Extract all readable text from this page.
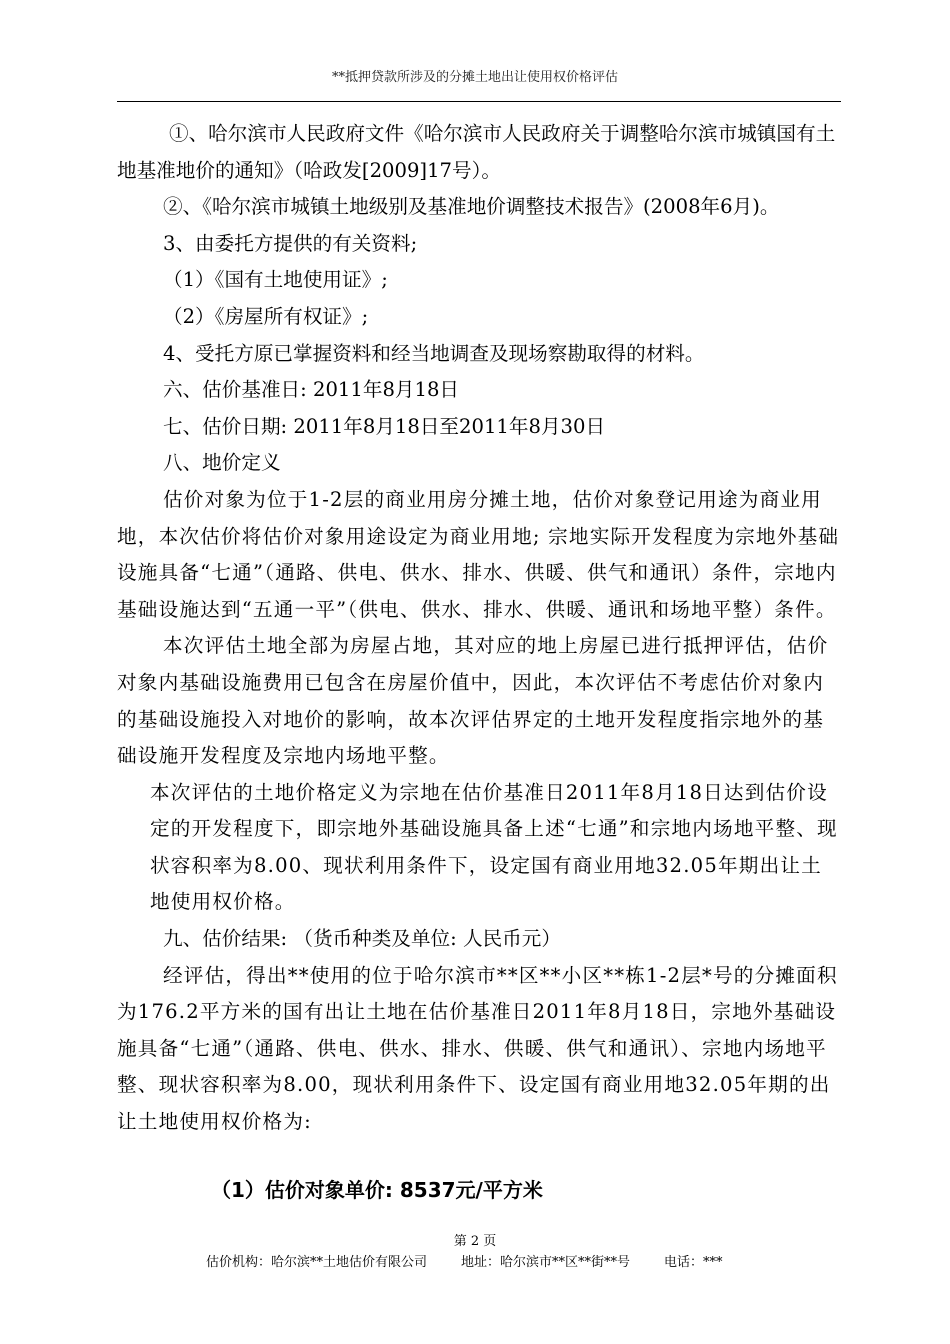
**抵押贷款所涉及的分摊土地出让使用权价格评估

①、哈尔滨市人民政府文件《哈尔滨市人民政府关于调整哈尔滨市城镇国有土地基准地价的通知》（哈政发[2009]17号）。

②、《哈尔滨市城镇土地级别及基准地价调整技术报告》(2008年6月)。

3、由委托方提供的有关资料;

（1）《国有土地使用证》;

（2）《房屋所有权证》;

4、受托方原已掌握资料和经当地调查及现场察勘取得的材料。

六、估价基准日: 2011年8月18日

七、估价日期: 2011年8月18日至2011年8月30日

八、地价定义

估价对象为位于1-2层的商业用房分摊土地，估价对象登记用途为商业用地，本次估价将估价对象用途设定为商业用地; 宗地实际开发程度为宗地外基础设施具备“七通”（通路、供电、供水、排水、供暖、供气和通讯）条件，宗地内基础设施达到“五通一平”（供电、供水、排水、供暖、通讯和场地平整）条件。

本次评估土地全部为房屋占地，其对应的地上房屋已进行抵押评估，估价对象内基础设施费用已包含在房屋价值中，因此，本次评估不考虑估价对象内的基础设施投入对地价的影响，故本次评估界定的土地开发程度指宗地外的基础设施开发程度及宗地内场地平整。

本次评估的土地价格定义为宗地在估价基准日2011年8月18日达到估价设定的开发程度下，即宗地外基础设施具备上述“七通”和宗地内场地平整、现状容积率为8.00、现状利用条件下，设定国有商业用地32.05年期出让土地使用权价格。

九、估价结果: （货币种类及单位: 人民币元）

经评估，得出**使用的位于哈尔滨市**区**小区**栋1-2层*号的分摊面积为176.2平方米的国有出让土地在估价基准日2011年8月18日，宗地外基础设施具备“七通”（通路、供电、供水、排水、供暖、供气和通讯）、宗地内场地平整、现状容积率为8.00，现状利用条件下、设定国有商业用地32.05年期的出让土地使用权价格为:

（1）估价对象单价: 8537元/平方米
第 2 页
估价机构：哈尔滨**土地估价有限公司	地址：哈尔滨市**区**街**号	电话：***
